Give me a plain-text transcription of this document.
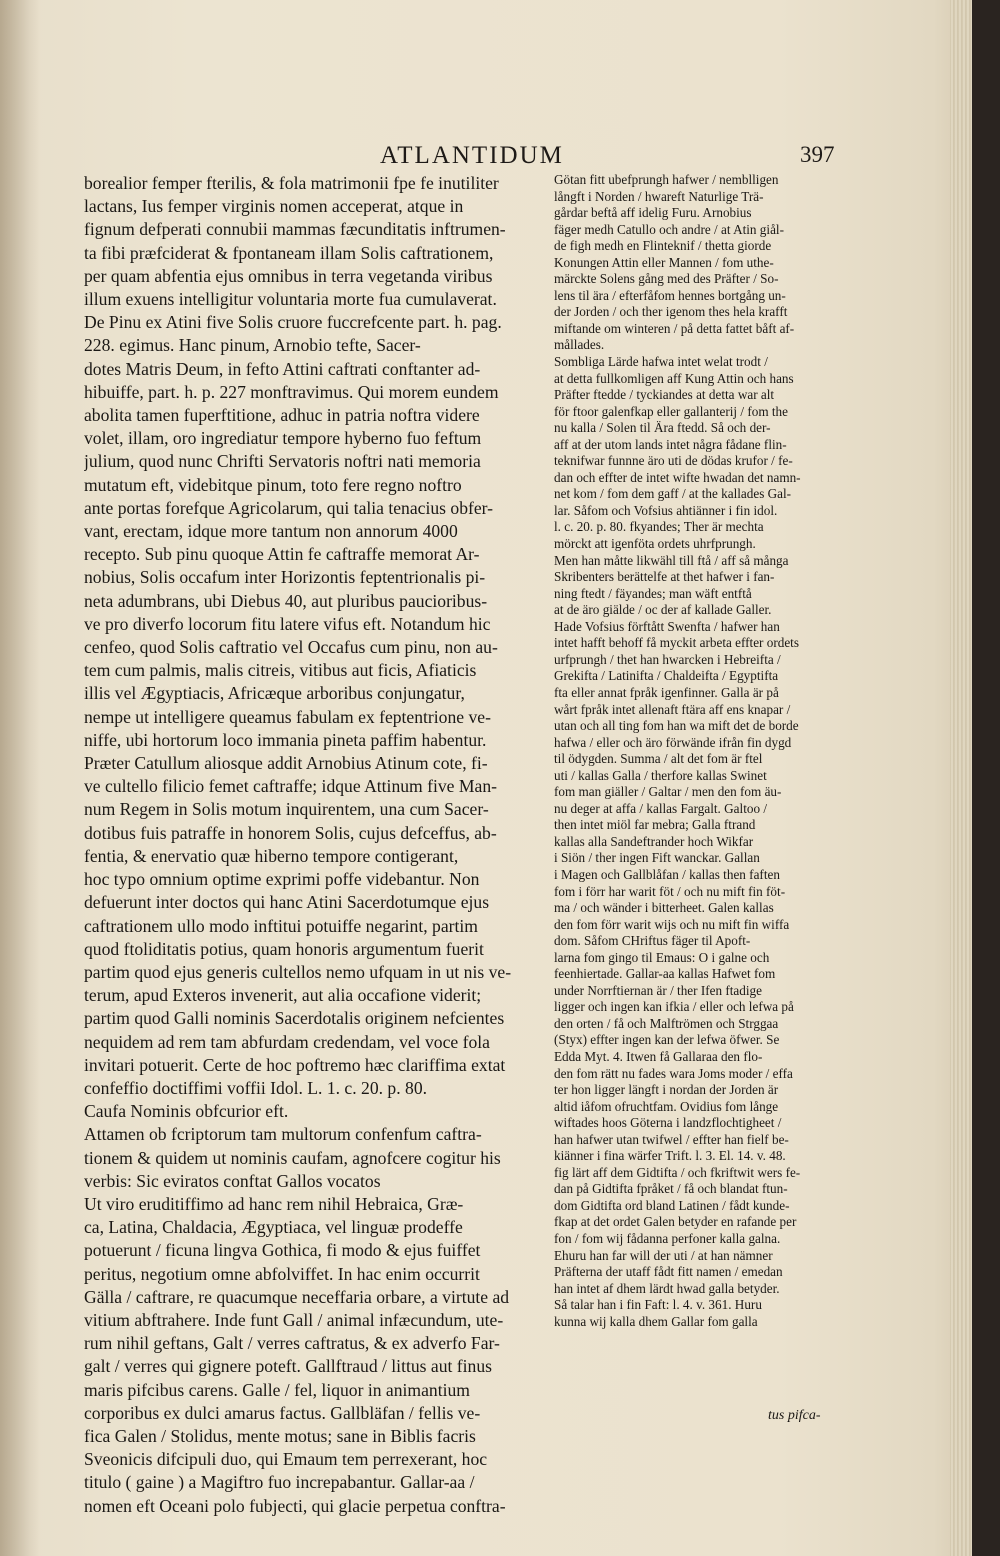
ATLANTIDUM	397
borealior femper fterilis, & fola matrimonii fpe fe inutiliter
lactans, Ius femper virginis nomen acceperat, atque in
fignum defperati connubii mammas fæcunditatis inftrumen-
ta fibi præfciderat & fpontaneam illam Solis caftrationem,
per quam abfentia ejus omnibus in terra vegetanda viribus
illum exuens intelligitur voluntaria morte fua cumulaverat.
De Pinu ex Atini five Solis cruore fuccrefcente part. h. pag.
228. egimus. Hanc pinum, Arnobio tefte, Sacer-
dotes Matris Deum, in fefto Attini caftrati conftanter ad-
hibuiffe, part. h. p. 227 monftravimus. Qui morem eundem
abolita tamen fuperftitione, adhuc in patria noftra videre
volet, illam, oro ingrediatur tempore hyberno fuo feftum
julium, quod nunc Chrifti Servatoris noftri nati memoria
mutatum eft, videbitque pinum, toto fere regno noftro
ante portas forefque Agricolarum, qui talia tenacius obfer-
vant, erectam, idque more tantum non annorum 4000
recepto. Sub pinu quoque Attin fe caftraffe memorat Ar-
nobius, Solis occafum inter Horizontis feptentrionalis pi-
neta adumbrans, ubi Diebus 40, aut pluribus paucioribus-
ve pro diverfo locorum fitu latere vifus eft. Notandum hic
cenfeo, quod Solis caftratio vel Occafus cum pinu, non au-
tem cum palmis, malis citreis, vitibus aut ficis, Afiaticis
illis vel Ægyptiacis, Africæque arboribus conjungatur,
nempe ut intelligere queamus fabulam ex feptentrione ve-
niffe, ubi hortorum loco immania pineta paffim habentur.
Præter Catullum aliosque addit Arnobius Atinum cote, fi-
ve cultello filicio femet caftraffe; idque Attinum five Man-
num Regem in Solis motum inquirentem, una cum Sacer-
dotibus fuis patraffe in honorem Solis, cujus defceffus, ab-
fentia, & enervatio quæ hiberno tempore contigerant,
hoc typo omnium optime exprimi poffe videbantur. Non
defuerunt inter doctos qui hanc Atini Sacerdotumque ejus
caftrationem ullo modo inftitui potuiffe negarint, partim
quod ftoliditatis potius, quam honoris argumentum fuerit
partim quod ejus generis cultellos nemo ufquam in ut nis ve-
terum, apud Exteros invenerit, aut alia occafione viderit;
partim quod Galli nominis Sacerdotalis originem nefcientes
nequidem ad rem tam abfurdam credendam, vel voce fola
invitari potuerit. Certe de hoc poftremo hæc clariffima extat
confeffio doctiffimi voffii Idol. L. 1. c. 20. p. 80.
Caufa Nominis obfcurior eft.
Attamen ob fcriptorum tam multorum confenfum caftra-
tionem & quidem ut nominis caufam, agnofcere cogitur his
verbis: Sic eviratos conftat Gallos vocatos
Ut viro eruditiffimo ad hanc rem nihil Hebraica, Græ-
ca, Latina, Chaldacia, Ægyptiaca, vel linguæ prodeffe
potuerunt / ficuna lingva Gothica, fi modo & ejus fuiffet
peritus, negotium omne abfolviffet. In hac enim occurrit
Gälla / caftrare, re quacumque neceffaria orbare, a virtute ad
vitium abftrahere. Inde funt Gall / animal infæcundum, ute-
rum nihil geftans, Galt / verres caftratus, & ex adverfo Far-
galt / verres qui gignere poteft. Gallftraud / littus aut finus
maris pifcibus carens. Galle / fel, liquor in animantium
corporibus ex dulci amarus factus. Gallbläfan / fellis ve-
fica Galen / Stolidus, mente motus; sane in Biblis facris
Sveonicis difcipuli duo, qui Emaum tem perrexerant, hoc
titulo ( gaine ) a Magiftro fuo increpabantur. Gallar-aa /
nomen eft Oceani polo fubjecti, qui glacie perpetua conftra-
Götan fitt ubefprungh hafwer / nemblligen
långft i Norden / hwareft Naturlige Trä-
gårdar beftå aff idelig Furu. Arnobius
fäger medh Catullo och andre / at Atin giål-
de figh medh en Flinteknif / thetta giorde
Konungen Attin eller Mannen / fom uthe-
märckte Solens gång med des Präfter / So-
lens til ära / efterfåfom hennes bortgång un-
der Jorden / och ther igenom thes hela krafft
miftande om winteren / på detta fattet båft af-
mållades.
Sombliga Lärde hafwa intet welat trodt /
at detta fullkomligen aff Kung Attin och hans
Präfter ftedde / tyckiandes at detta war alt
för ftoor galenfkap eller gallanterij / fom the
nu kalla / Solen til Ära ftedd. Så och der-
aff at der utom lands intet några fådane flin-
teknifwar funnne äro uti de dödas krufor / fe-
dan och effter de intet wifte hwadan det namn-
net kom / fom dem gaff / at the kallades Gal-
lar. Såfom och Vofsius ahtiänner i fin idol.
l. c. 20. p. 80. fkyandes; Ther är mechta
mörckt att igenföta ordets uhrfprungh.
Men han måtte likwähl till ftå / aff så många
Skribenters berättelfe at thet hafwer i fan-
ning ftedt / fäyandes; man wäft entftå
at de äro giälde / oc der af kallade Galler.
Hade Vofsius förftått Swenfta / hafwer han
intet hafft behoff få myckit arbeta effter ordets
urfprungh / thet han hwarcken i Hebreifta /
Grekifta / Latinifta / Chaldeifta / Egyptifta
fta eller annat fpråk igenfinner. Galla är på
wårt fpråk intet allenaft ftära aff ens knapar /
utan och all ting fom han wa mift det de borde
hafwa / eller och äro förwände ifrån fin dygd
til ödygden. Summa / alt det fom är ftel
uti / kallas Galla / therfore kallas Swinet
fom man giäller / Galtar / men den fom äu-
nu deger at affa / kallas Fargalt. Galtoo /
then intet miöl far mebra; Galla ftrand
kallas alla Sandeftrander hoch Wikfar
i Siön / ther ingen Fift wanckar. Gallan
i Magen och Gallblåfan / kallas then faften
fom i förr har warit föt / och nu mift fin föt-
ma / och wänder i bitterheet. Galen kallas
den fom förr warit wijs och nu mift fin wiffa
dom. Såfom CHriftus fäger til Apoft-
larna fom gingo til Emaus: O i galne och
feenhiertade. Gallar-aa kallas Hafwet fom
under Norrftiernan är / ther Ifen ftadige
ligger och ingen kan ifkia / eller och lefwa på
den orten / få och Malftrömen och Strggaa
(Styx) effter ingen kan der lefwa öfwer. Se
Edda Myt. 4. Itwen få Gallaraa den flo-
den fom rätt nu fades wara Joms moder / effa
ter hon ligger längft i nordan der Jorden är
altid iåfom ofruchtfam. Ovidius fom långe
wiftades hoos Göterna i landzflochtigheet /
han hafwer utan twifwel / effter han fielf be-
kiänner i fina wärfer Trift. l. 3. El. 14. v. 48.
fig lärt aff dem Gidtifta / och fkriftwit wers fe-
dan på Gidtifta fpråket / få och blandat ftun-
dom Gidtifta ord bland Latinen / fådt kunde-
fkap at det ordet Galen betyder en rafande per
fon / fom wij fådanna perfoner kalla galna.
Ehuru han far will der uti / at han nämner
Präfterna der utaff fådt fitt namen / emedan
han intet af dhem lärdt hwad galla betyder.
Så talar han i fin Faft: l. 4. v. 361. Huru
kunna wij kalla dhem Gallar fom galla
tus pifca-
